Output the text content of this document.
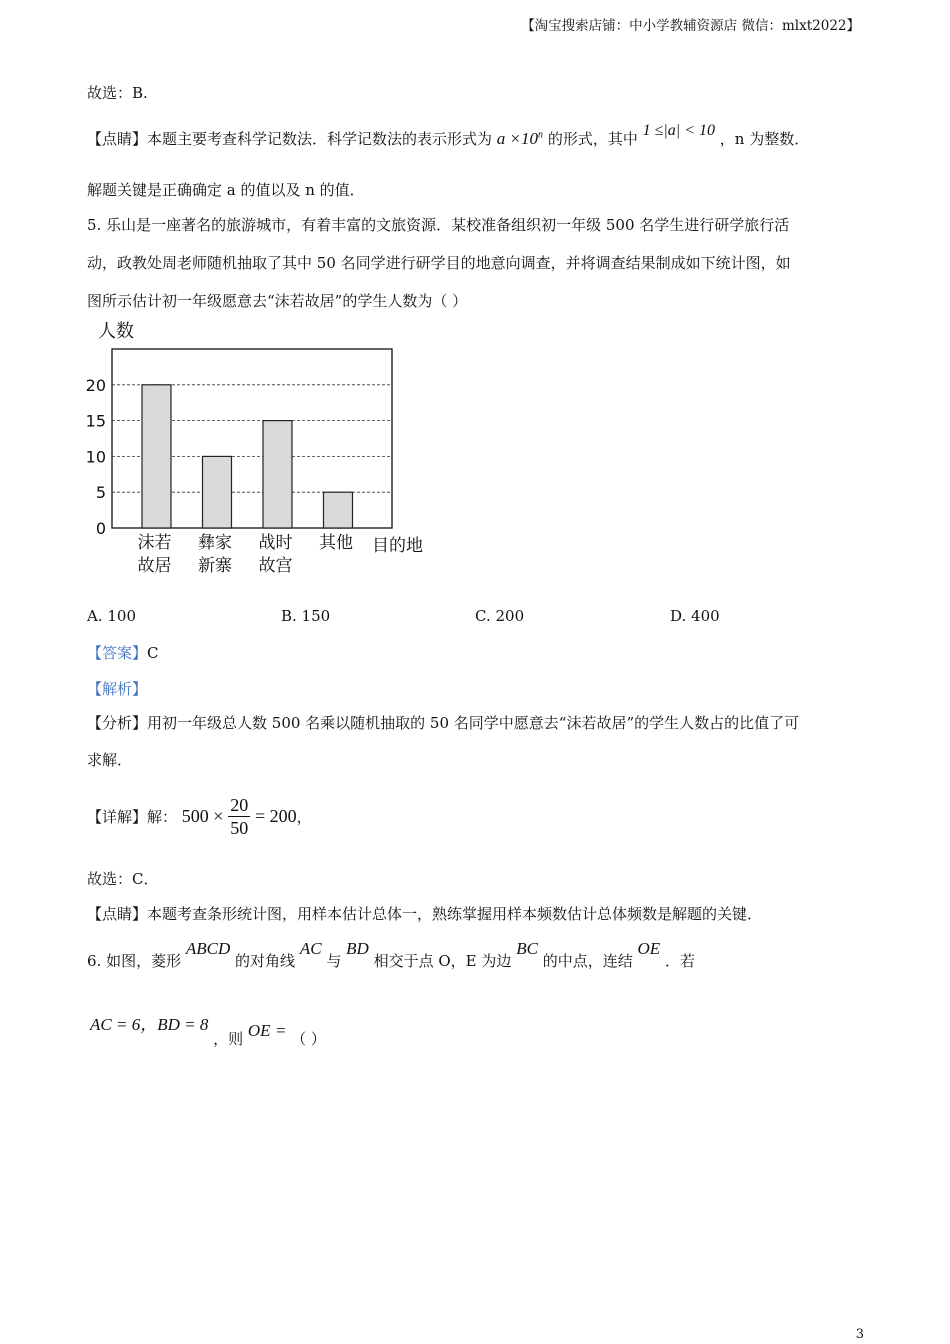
【淘宝搜索店铺：中小学教辅资源店 微信：mlxt2022】
故选：B.
【点睛】本题主要考查科学记数法．科学记数法的表示形式为 $a \times 10^n$ 的形式，其中 1 ≤|a| < 10 ，n 为整数．
解题关键是正确确定 a 的值以及 n 的值．
5. 乐山是一座著名的旅游城市，有着丰富的文旅资源．某校准备组织初一年级 500 名学生进行研学旅行活
动，政教处周老师随机抽取了其中 50 名同学进行研学目的地意向调查，并将调查结果制成如下统计图，如
图所示估计初一年级愿意去“沫若故居”的学生人数为（ ）
0
5
10
15
20
沫若
故居
彝家
新寨
战时
故宫
其他
人数
目的地
A. 100	B. 150	C. 200	D. 400
【答案】C
【解析】
【分析】用初一年级总人数 500 名乘以随机抽取的 50 名同学中愿意去“沫若故居”的学生人数占的比值了可
求解．
【详解】解： $500 \times \frac{20}{50} = 200$，
故选：C．
【点睛】本题考查条形统计图，用样本估计总体一，熟练掌握用样本频数估计总体频数是解题的关键．
6. 如图，菱形 ABCD 的对角线 AC 与 BD 相交于点 O，E 为边 BC 的中点，连结 OE ．若
AC = 6，BD = 8 ，则 OE = （ ）
3
